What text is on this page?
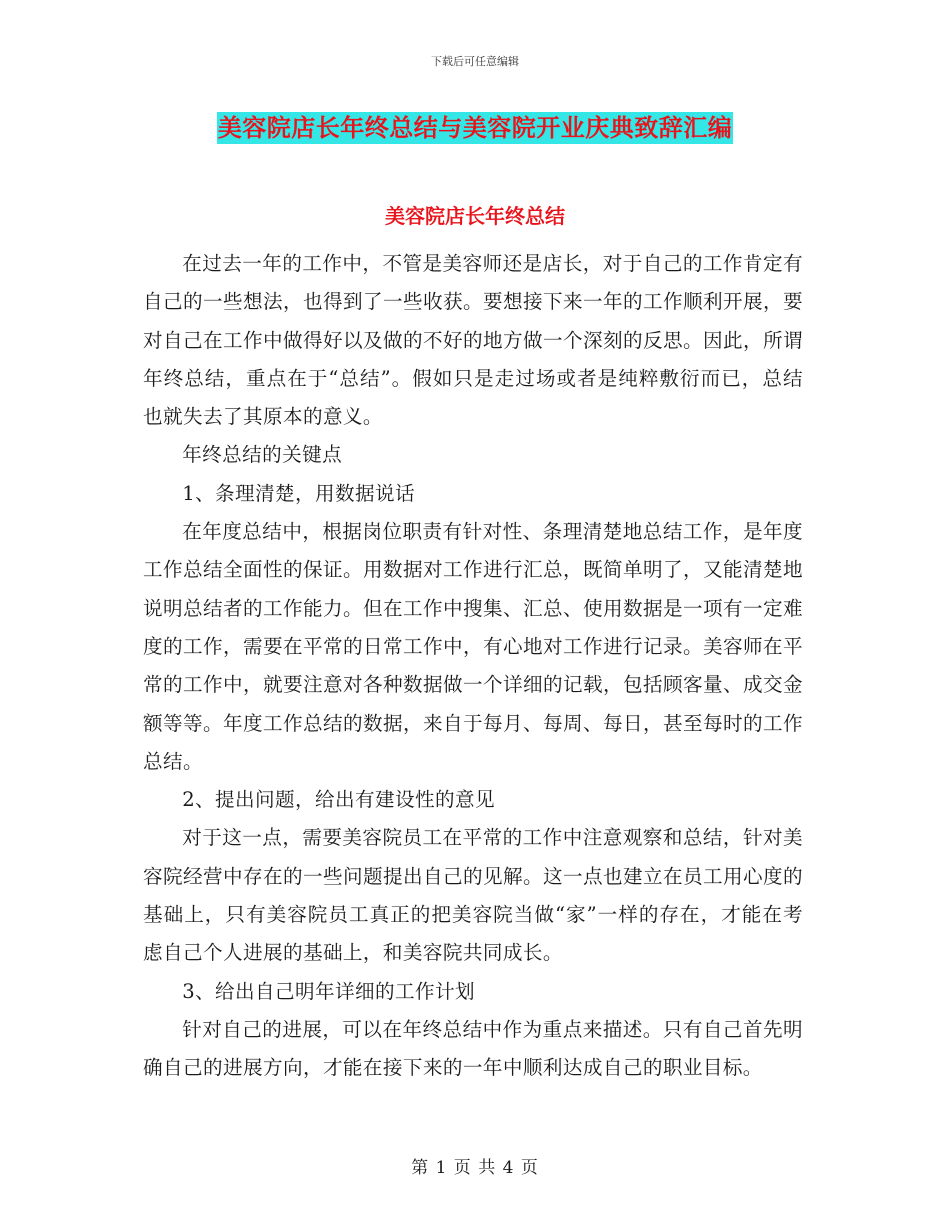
下载后可任意编辑
美容院店长年终总结与美容院开业庆典致辞汇编
美容院店长年终总结

在过去一年的工作中，不管是美容师还是店长，对于自己的工作肯定有自己的一些想法，也得到了一些收获。要想接下来一年的工作顺利开展，要对自己在工作中做得好以及做的不好的地方做一个深刻的反思。因此，所谓年终总结，重点在于“总结”。假如只是走过场或者是纯粹敷衍而已，总结也就失去了其原本的意义。

年终总结的关键点

1、条理清楚，用数据说话

在年度总结中，根据岗位职责有针对性、条理清楚地总结工作，是年度工作总结全面性的保证。用数据对工作进行汇总，既简单明了，又能清楚地说明总结者的工作能力。但在工作中搜集、汇总、使用数据是一项有一定难度的工作，需要在平常的日常工作中，有心地对工作进行记录。美容师在平常的工作中，就要注意对各种数据做一个详细的记载，包括顾客量、成交金额等等。年度工作总结的数据，来自于每月、每周、每日，甚至每时的工作总结。

2、提出问题，给出有建设性的意见

对于这一点，需要美容院员工在平常的工作中注意观察和总结，针对美容院经营中存在的一些问题提出自己的见解。这一点也建立在员工用心度的基础上，只有美容院员工真正的把美容院当做“家”一样的存在，才能在考虑自己个人进展的基础上，和美容院共同成长。

3、给出自己明年详细的工作计划

针对自己的进展，可以在年终总结中作为重点来描述。只有自己首先明确自己的进展方向，才能在接下来的一年中顺利达成自己的职业目标。

第 1 页 共 4 页
